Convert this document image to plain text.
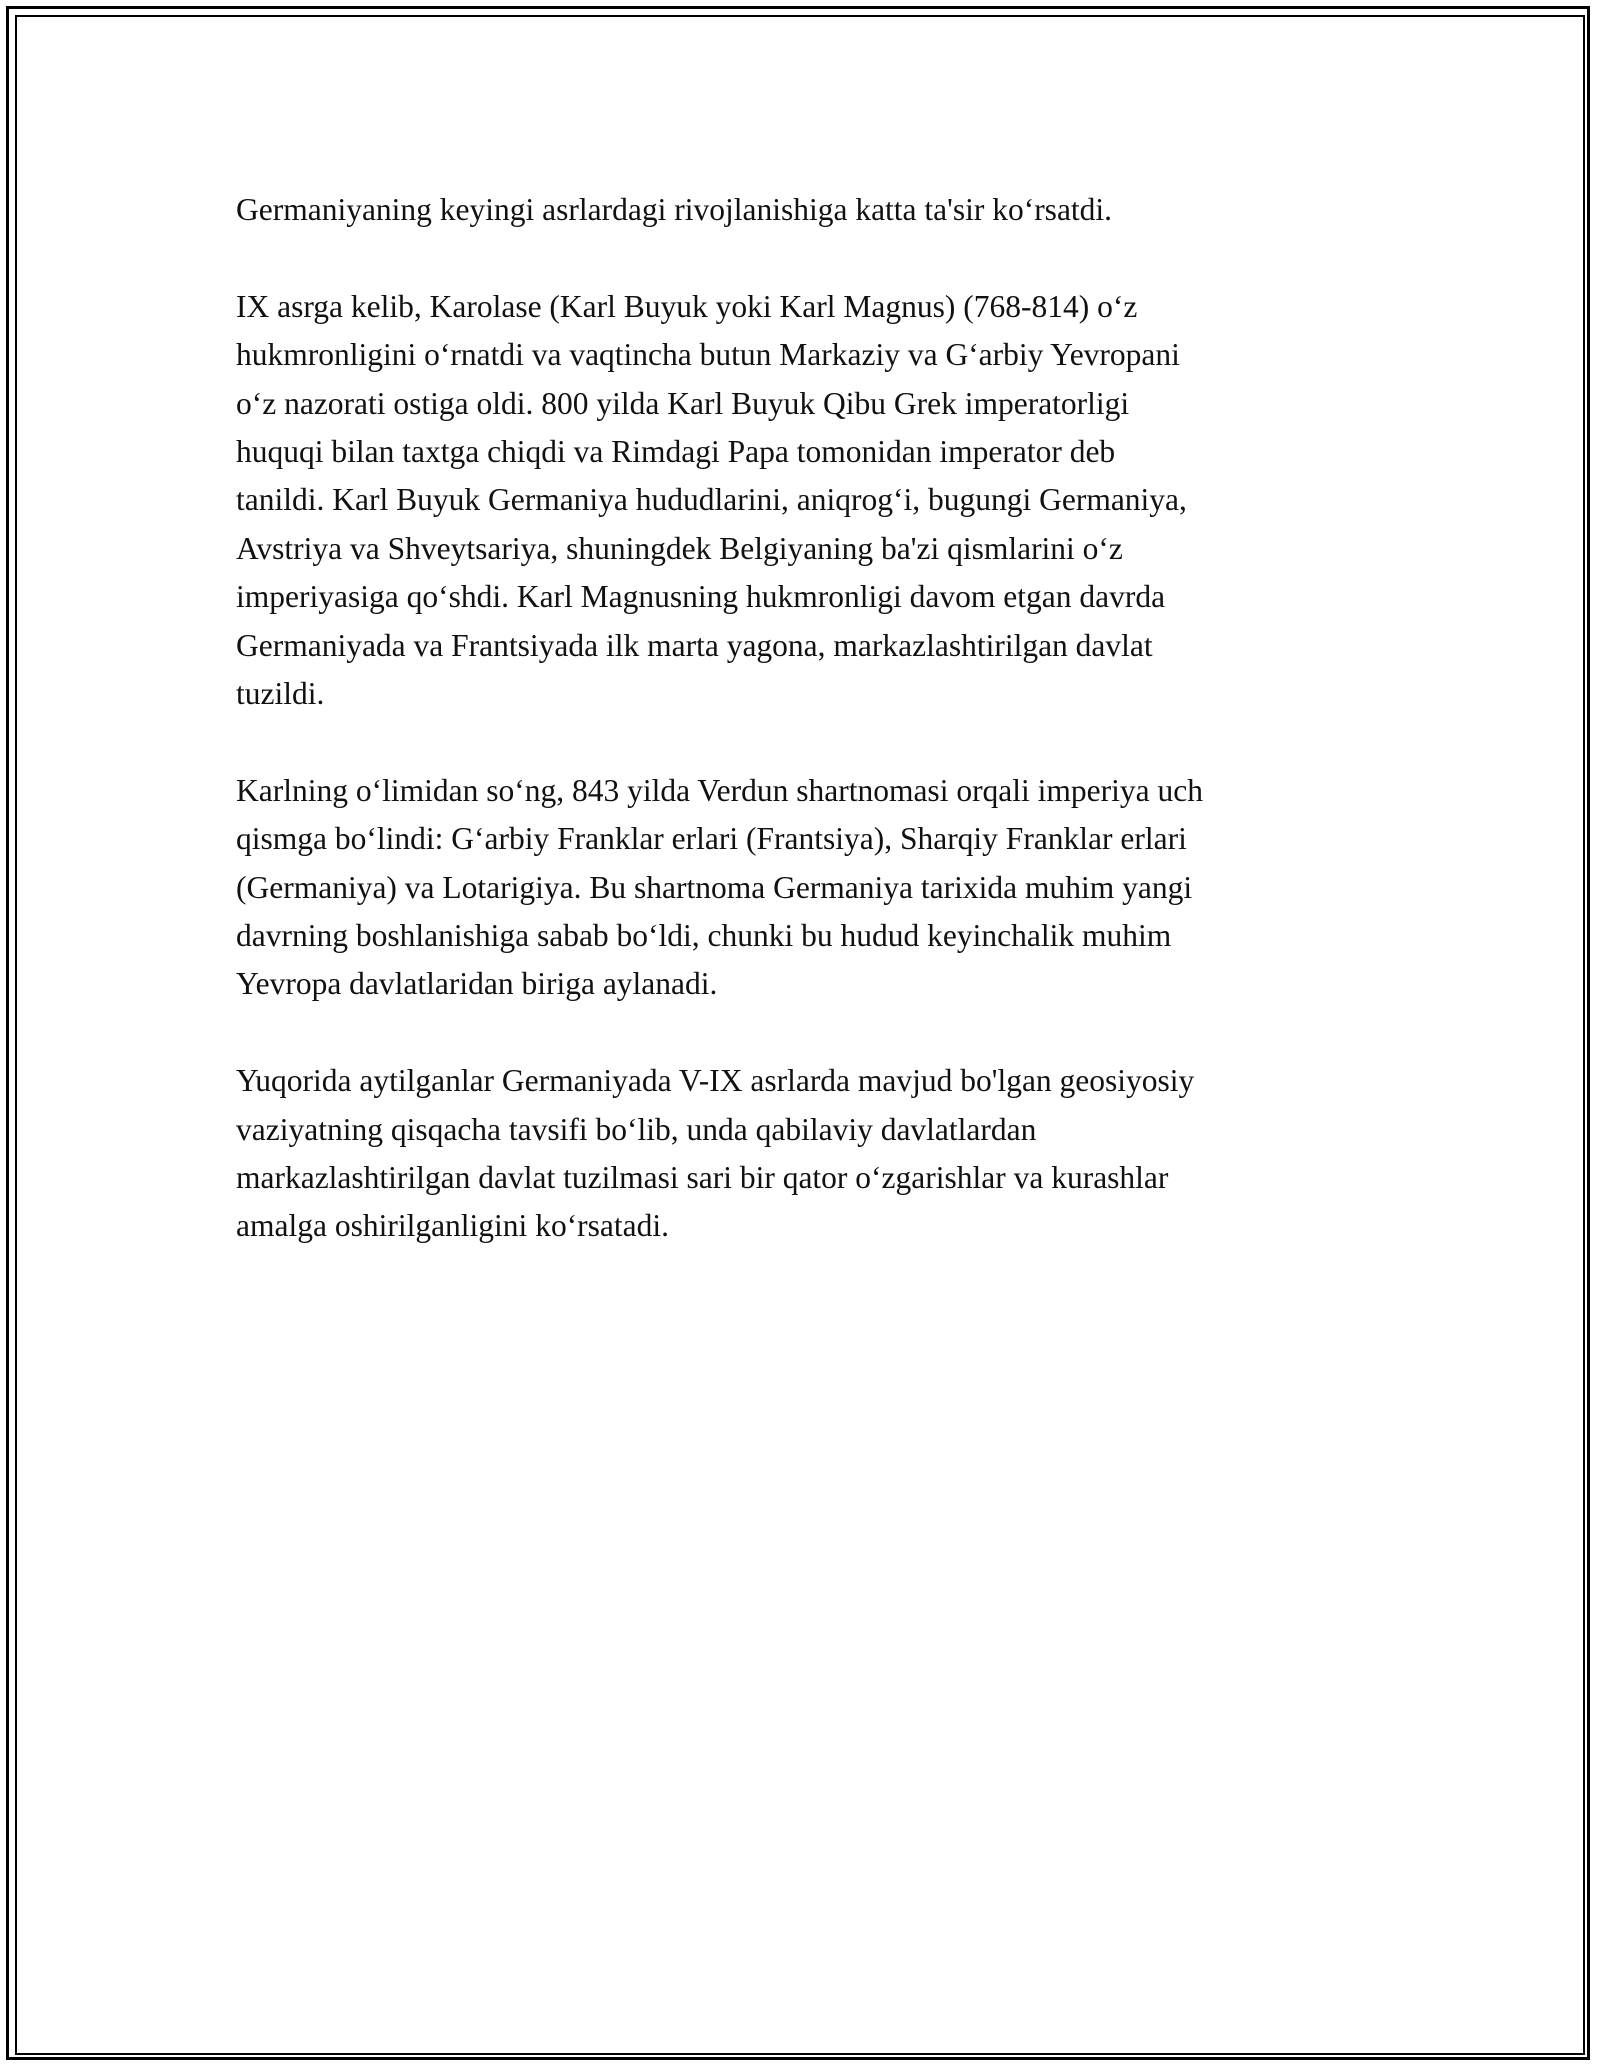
Germaniyaning keyingi asrlardagi rivojlanishiga katta ta'sir ko‘rsatdi.

IX asrga kelib, Karolase (Karl Buyuk yoki Karl Magnus) (768-814) o‘z
hukmronligini o‘rnatdi va vaqtincha butun Markaziy va G‘arbiy Yevropani
o‘z nazorati ostiga oldi. 800 yilda Karl Buyuk Qibu Grek imperatorligi
huquqi bilan taxtga chiqdi va Rimdagi Papa tomonidan imperator deb
tanildi. Karl Buyuk Germaniya hududlarini, aniqrog‘i, bugungi Germaniya,
Avstriya va Shveytsariya, shuningdek Belgiyaning ba'zi qismlarini o‘z
imperiyasiga qo‘shdi. Karl Magnusning hukmronligi davom etgan davrda
Germaniyada va Frantsiyada ilk marta yagona, markazlashtirilgan davlat
tuzildi.

Karlning o‘limidan so‘ng, 843 yilda Verdun shartnomasi orqali imperiya uch
qismga bo‘lindi: G‘arbiy Franklar erlari (Frantsiya), Sharqiy Franklar erlari
(Germaniya) va Lotarigiya. Bu shartnoma Germaniya tarixida muhim yangi
davrning boshlanishiga sabab bo‘ldi, chunki bu hudud keyinchalik muhim
Yevropa davlatlaridan biriga aylanadi.

Yuqorida aytilganlar Germaniyada V-IX asrlarda mavjud bo'lgan geosiyosiy
vaziyatning qisqacha tavsifi bo‘lib, unda qabilaviy davlatlardan
markazlashtirilgan davlat tuzilmasi sari bir qator o‘zgarishlar va kurashlar
amalga oshirilganligini ko‘rsatadi.
